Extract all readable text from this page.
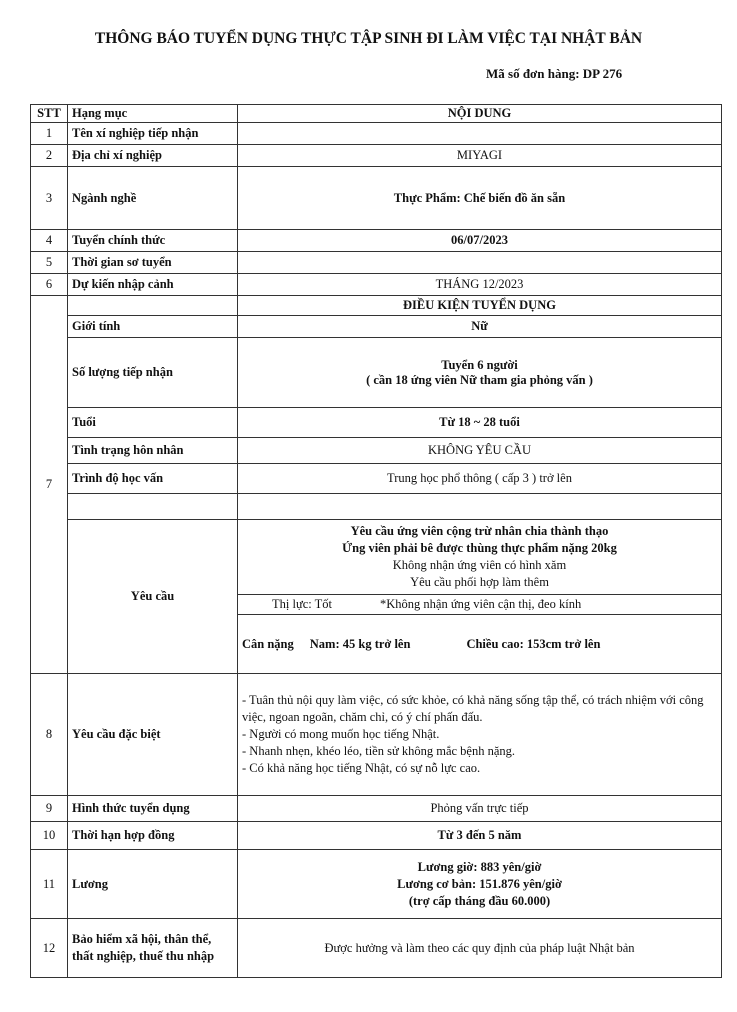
THÔNG BÁO TUYỂN DỤNG THỰC TẬP SINH ĐI LÀM VIỆC TẠI NHẬT BẢN
Mã số đơn hàng: DP 276
STT	Hạng mục	NỘI DUNG
1	Tên xí nghiệp tiếp nhận	
2	Địa chỉ xí nghiệp	MIYAGI
3	Ngành nghề	Thực Phẩm: Chế biến đồ ăn sẵn
4	Tuyển chính thức	06/07/2023
5	Thời gian sơ tuyển	
6	Dự kiến nhập cảnh	THÁNG 12/2023
7		ĐIỀU KIỆN TUYỂN DỤNG
	Giới tính	Nữ
	Số lượng tiếp nhận	Tuyển 6 người
( cần 18 ứng viên Nữ tham gia phỏng vấn )

	Tuổi	Từ 18 ~ 28 tuổi
	Tình trạng hôn nhân	KHÔNG YÊU CẦU
	Trình độ học vấn	Trung học phổ thông ( cấp 3 ) trở lên

	Yêu cầu	Yêu cầu ứng viên cộng trừ nhân chia thành thạo
Ứng viên phải bê được thùng thực phẩm nặng 20kg
Không nhận ứng viên có hình xăm
Yêu cầu phối hợp làm thêm

		Thị lực: Tốt *Không nhận ứng viên cận thị, đeo kính
		Cân nặng Nam: 45 kg trở lên Chiều cao: 153cm trở lên
8	Yêu cầu đặc biệt	- Tuân thủ nội quy làm việc, có sức khỏe, có khả năng sống tập thể, có trách nhiệm với công việc, ngoan ngoãn, chăm chỉ, có ý chí phấn đấu.
- Người có mong muốn học tiếng Nhật.
- Nhanh nhẹn, khéo léo, tiền sử không mắc bệnh nặng.
- Có khả năng học tiếng Nhật, có sự nỗ lực cao.

9	Hình thức tuyển dụng	Phỏng vấn trực tiếp
10	Thời hạn hợp đồng	Từ 3 đến 5 năm
11	Lương	Lương giờ: 883 yên/giờ
Lương cơ bản: 151.876 yên/giờ
(trợ cấp tháng đầu 60.000)

12	Bảo hiểm xã hội, thân thể, thất nghiệp, thuế thu nhập	Được hưởng và làm theo các quy định của pháp luật Nhật bản
